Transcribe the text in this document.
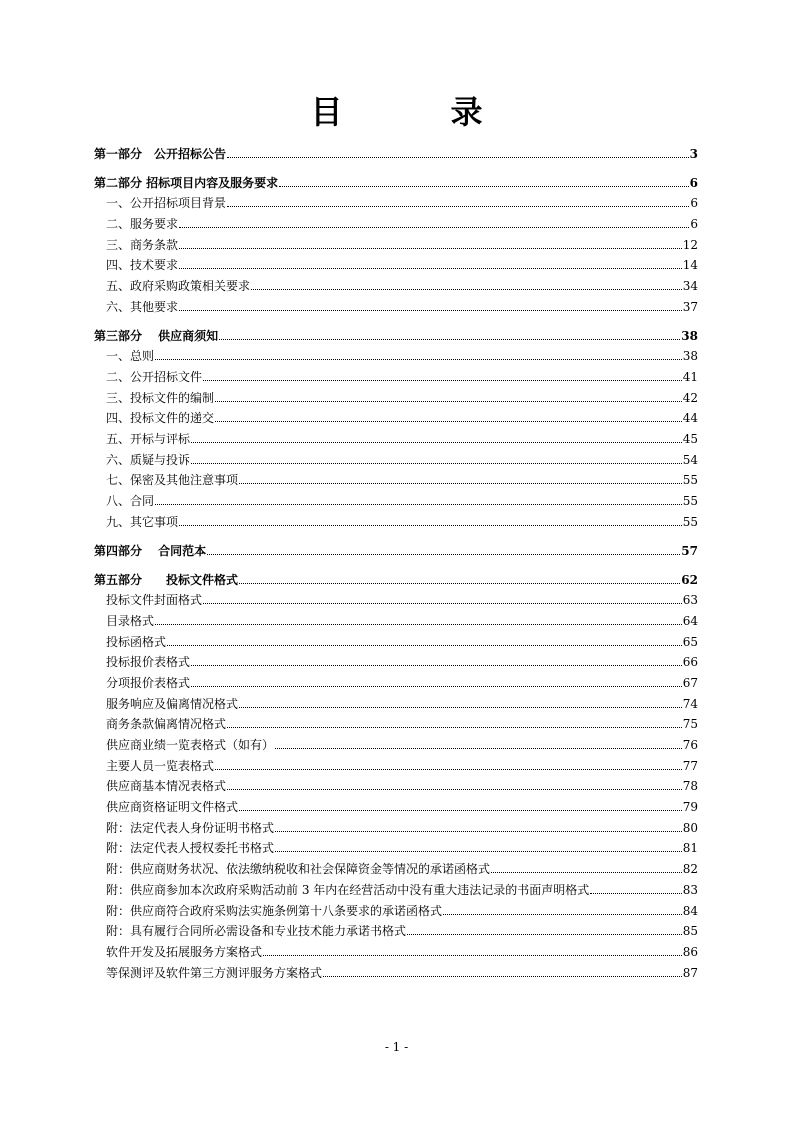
目　录
第一部分　公开招标公告	3
第二部分 招标项目内容及服务要求	6
一、公开招标项目背景	6
二、服务要求	6
三、商务条款	12
四、技术要求	14
五、政府采购政策相关要求	34
六、其他要求	37
第三部分　 供应商须知	38
一、总则	38
二、公开招标文件	41
三、投标文件的编制	42
四、投标文件的递交	44
五、开标与评标	45
六、质疑与投诉	54
七、保密及其他注意事项	55
八、合同	55
九、其它事项	55
第四部分　 合同范本	57
第五部分　　投标文件格式	62
投标文件封面格式	63
目录格式	64
投标函格式	65
投标报价表格式	66
分项报价表格式	67
服务响应及偏离情况格式	74
商务条款偏离情况格式	75
供应商业绩一览表格式（如有）	76
主要人员一览表格式	77
供应商基本情况表格式	78
供应商资格证明文件格式	79
附：法定代表人身份证明书格式	80
附：法定代表人授权委托书格式	81
附：供应商财务状况、依法缴纳税收和社会保障资金等情况的承诺函格式	82
附：供应商参加本次政府采购活动前 3 年内在经营活动中没有重大违法记录的书面声明格式	83
附：供应商符合政府采购法实施条例第十八条要求的承诺函格式	84
附：具有履行合同所必需设备和专业技术能力承诺书格式	85
软件开发及拓展服务方案格式	86
等保测评及软件第三方测评服务方案格式	87
- 1 -
